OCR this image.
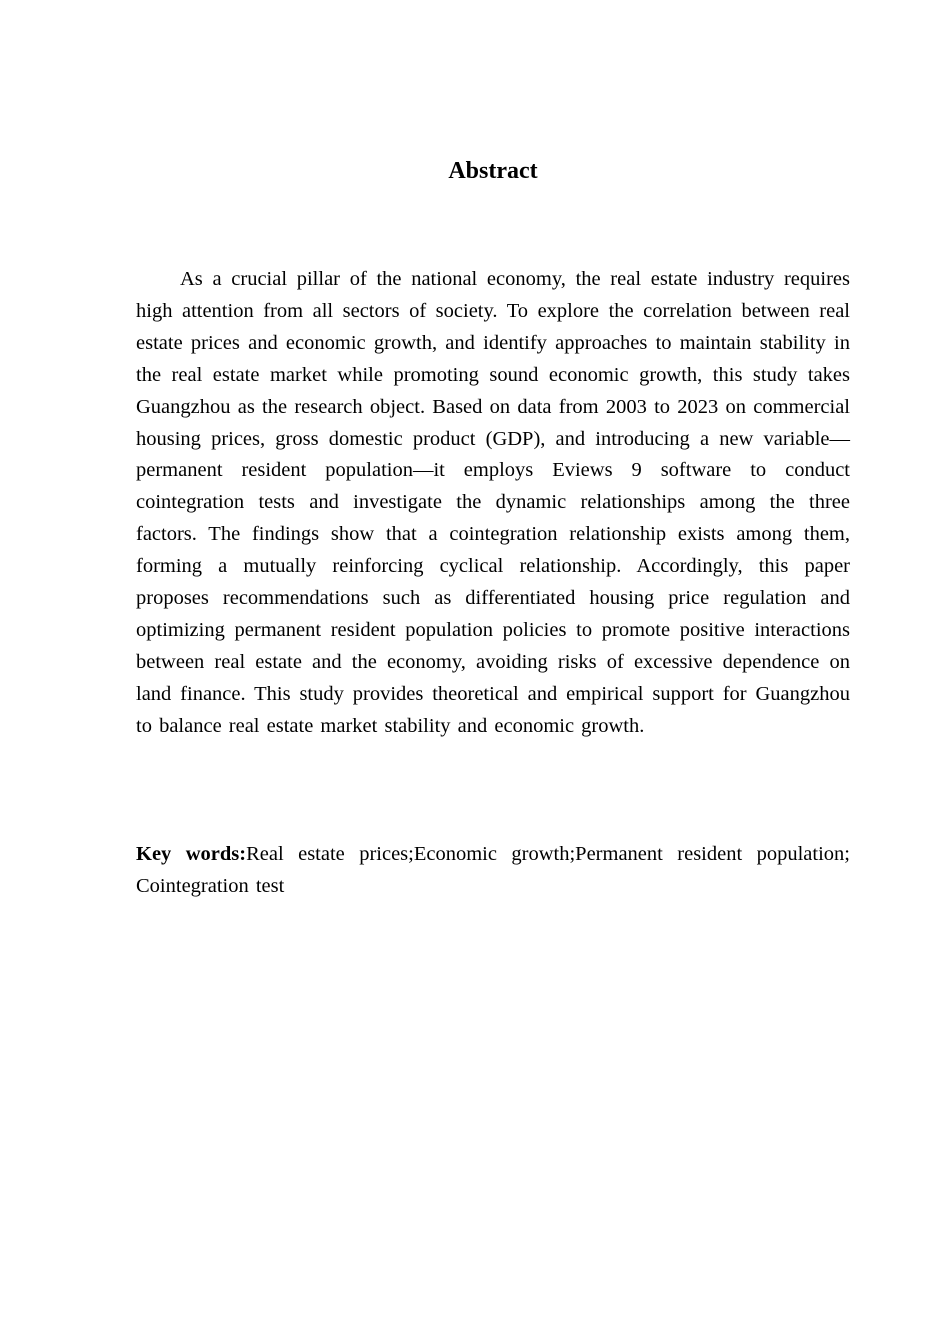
Abstract

As a crucial pillar of the national economy, the real estate industry requires high attention from all sectors of society. To explore the correlation between real estate prices and economic growth, and identify approaches to maintain stability in the real estate market while promoting sound economic growth, this study takes Guangzhou as the research object. Based on data from 2003 to 2023 on commercial housing prices, gross domestic product (GDP), and introducing a new variable—permanent resident population—it employs Eviews 9 software to conduct cointegration tests and investigate the dynamic relationships among the three factors. The findings show that a cointegration relationship exists among them, forming a mutually reinforcing cyclical relationship. Accordingly, this paper proposes recommendations such as differentiated housing price regulation and optimizing permanent resident population policies to promote positive interactions between real estate and the economy, avoiding risks of excessive dependence on land finance. This study provides theoretical and empirical support for Guangzhou to balance real estate market stability and economic growth.

Key words:Real estate prices;Economic growth;Permanent resident population; Cointegration test
